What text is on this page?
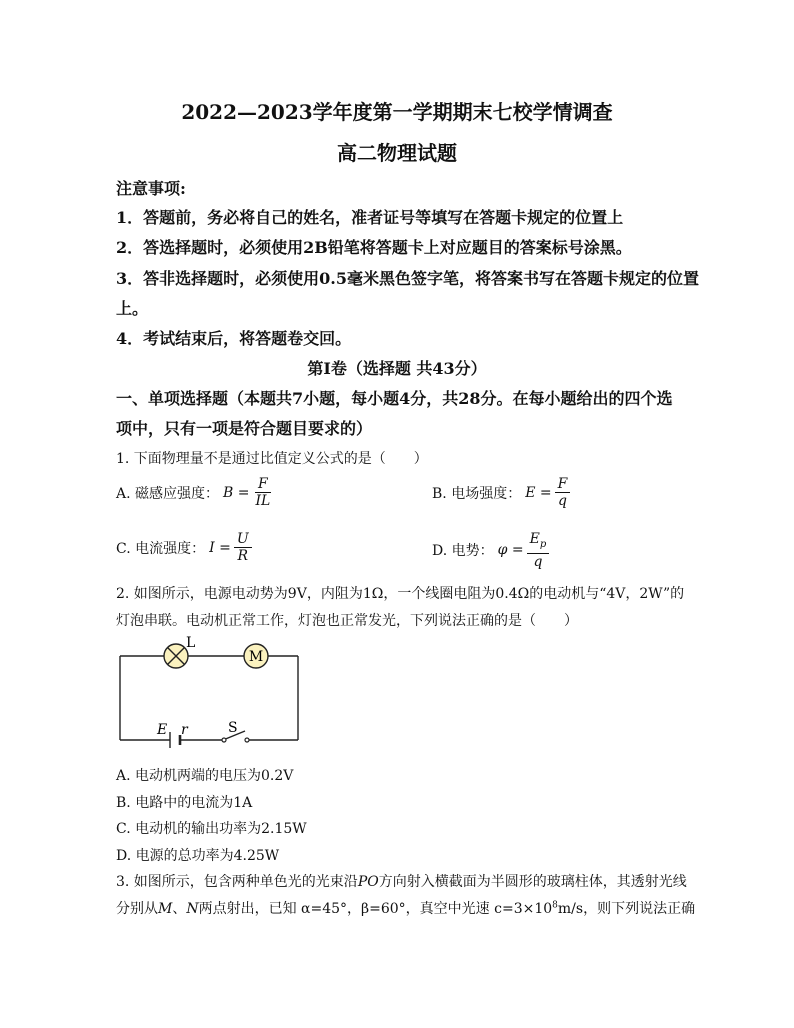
2022—2023学年度第一学期期末七校学情调查
高二物理试题
注意事项:
1．答题前，务必将自己的姓名，准者证号等填写在答题卡规定的位置上
2．答选择题时，必须使用2B铅笔将答题卡上对应题目的答案标号涂黑。
3．答非选择题时，必须使用0.5毫米黑色签字笔，将答案书写在答题卡规定的位置
上。
4．考试结束后，将答题卷交回。
第Ⅰ卷（选择题 共43分）
一、单项选择题（本题共7小题，每小题4分，共28分。在每小题给出的四个选
项中，只有一项是符合题目要求的）
1. 下面物理量不是通过比值定义公式的是（　　）
A. 磁感应强度： $B = \frac{F}{IL}$	B. 电场强度： $E = \frac{F}{q}$
C. 电流强度： $I = \frac{U}{R}$	D. 电势： $\varphi = \frac{E_p}{q}$
2. 如图所示，电源电动势为9V，内阻为1Ω，一个线圈电阻为0.4Ω的电动机与“4V，2W”的
灯泡串联。电动机正常工作，灯泡也正常发光，下列说法正确的是（　　）
L
M
E r	S
A. 电动机两端的电压为0.2V
B. 电路中的电流为1A
C. 电动机的输出功率为2.15W
D. 电源的总功率为4.25W
3. 如图所示，包含两种单色光的光束沿PO方向射入横截面为半圆形的玻璃柱体，其透射光线
分别从M、N两点射出，已知 α=45°，β=60°，真空中光速 $c=3\times 10^8m/s$，则下列说法正确
